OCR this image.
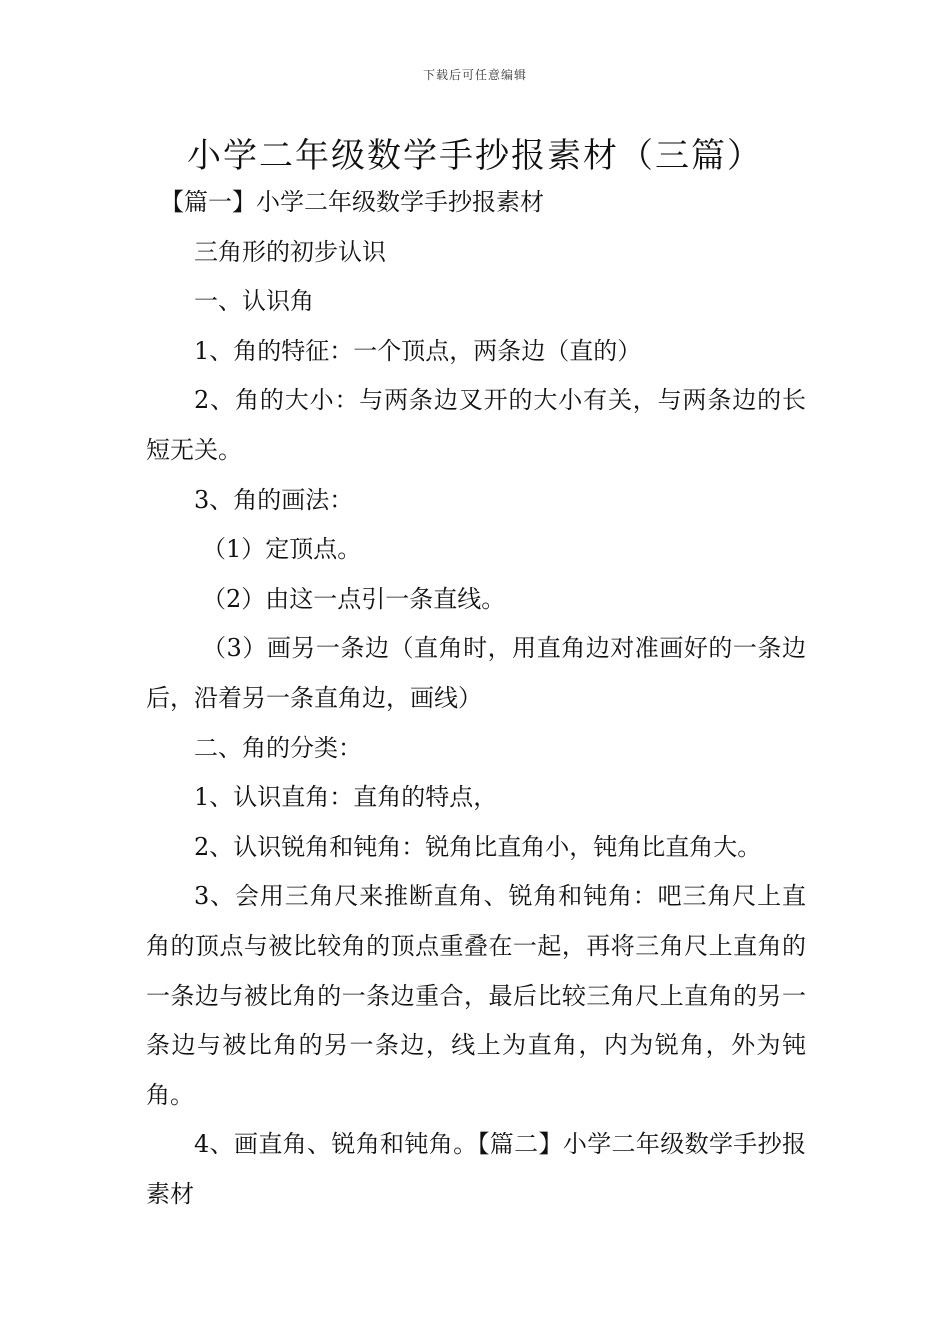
下载后可任意编辑
小学二年级数学手抄报素材（三篇）

【篇一】小学二年级数学手抄报素材

三角形的初步认识

一、认识角

1、角的特征：一个顶点，两条边（直的）

2、角的大小：与两条边叉开的大小有关，与两条边的长短无关。

3、角的画法：

（1）定顶点。

（2）由这一点引一条直线。

（3）画另一条边（直角时，用直角边对准画好的一条边后，沿着另一条直角边，画线）

二、角的分类：

1、认识直角：直角的特点，

2、认识锐角和钝角：锐角比直角小，钝角比直角大。

3、会用三角尺来推断直角、锐角和钝角：吧三角尺上直角的顶点与被比较角的顶点重叠在一起，再将三角尺上直角的一条边与被比角的一条边重合，最后比较三角尺上直角的另一条边与被比角的另一条边，线上为直角，内为锐角，外为钝角。

4、画直角、锐角和钝角。【篇二】小学二年级数学手抄报素材
